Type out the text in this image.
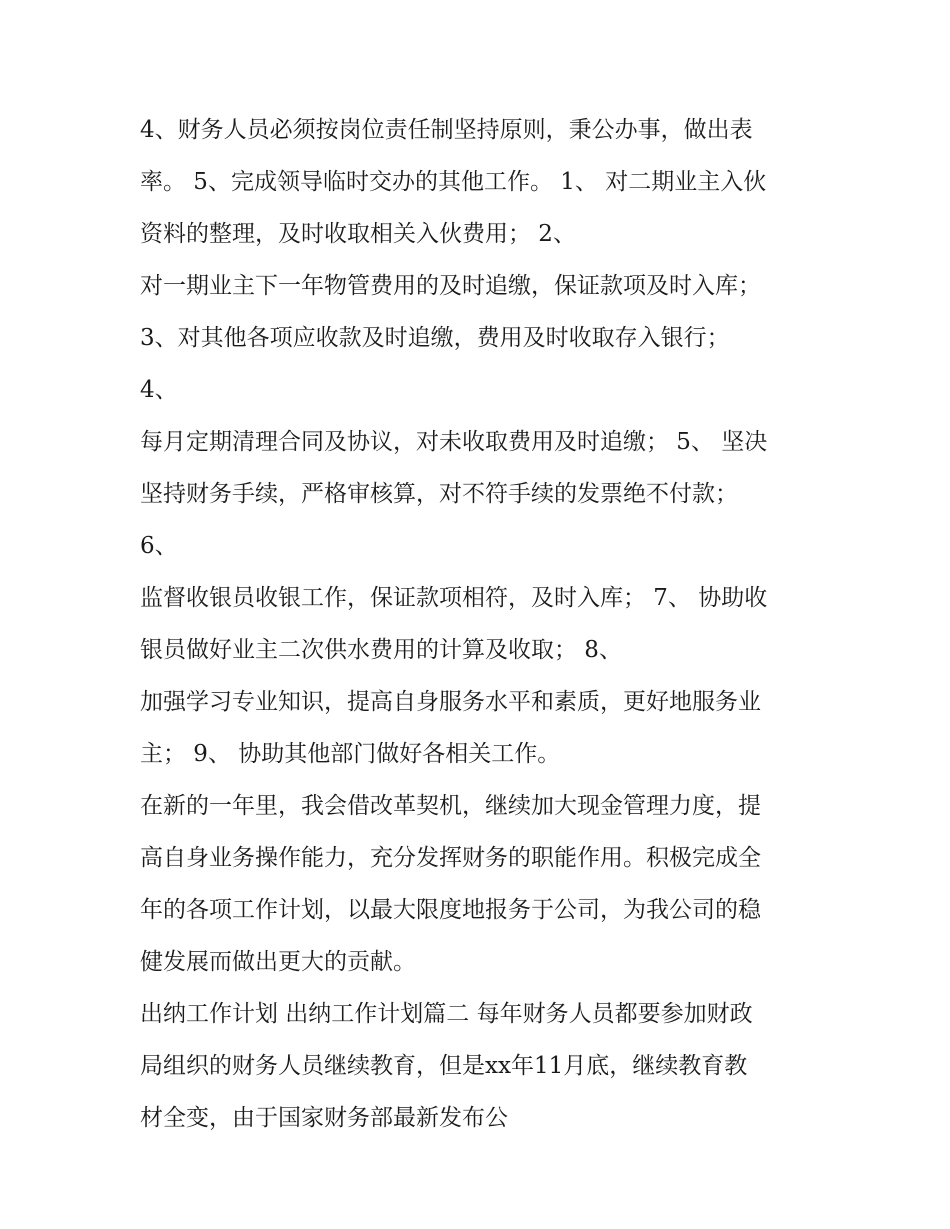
4、财务人员必须按岗位责任制坚持原则，秉公办事，做出表
率。 5、完成领导临时交办的其他工作。 1、 对二期业主入伙
资料的整理，及时收取相关入伙费用； 2、
对一期业主下一年物管费用的及时追缴，保证款项及时入库；
3、对其他各项应收款及时追缴，费用及时收取存入银行；
4、
每月定期清理合同及协议，对未收取费用及时追缴； 5、 坚决
坚持财务手续，严格审核算，对不符手续的发票绝不付款；
6、
监督收银员收银工作，保证款项相符，及时入库； 7、 协助收
银员做好业主二次供水费用的计算及收取； 8、
加强学习专业知识，提高自身服务水平和素质，更好地服务业
主； 9、 协助其他部门做好各相关工作。
在新的一年里，我会借改革契机，继续加大现金管理力度，提
高自身业务操作能力，充分发挥财务的职能作用。积极完成全
年的各项工作计划，以最大限度地报务于公司，为我公司的稳
健发展而做出更大的贡献。
出纳工作计划 出纳工作计划篇二 每年财务人员都要参加财政
局组织的财务人员继续教育，但是xx年11月底，继续教育教
材全变，由于国家财务部最新发布公
